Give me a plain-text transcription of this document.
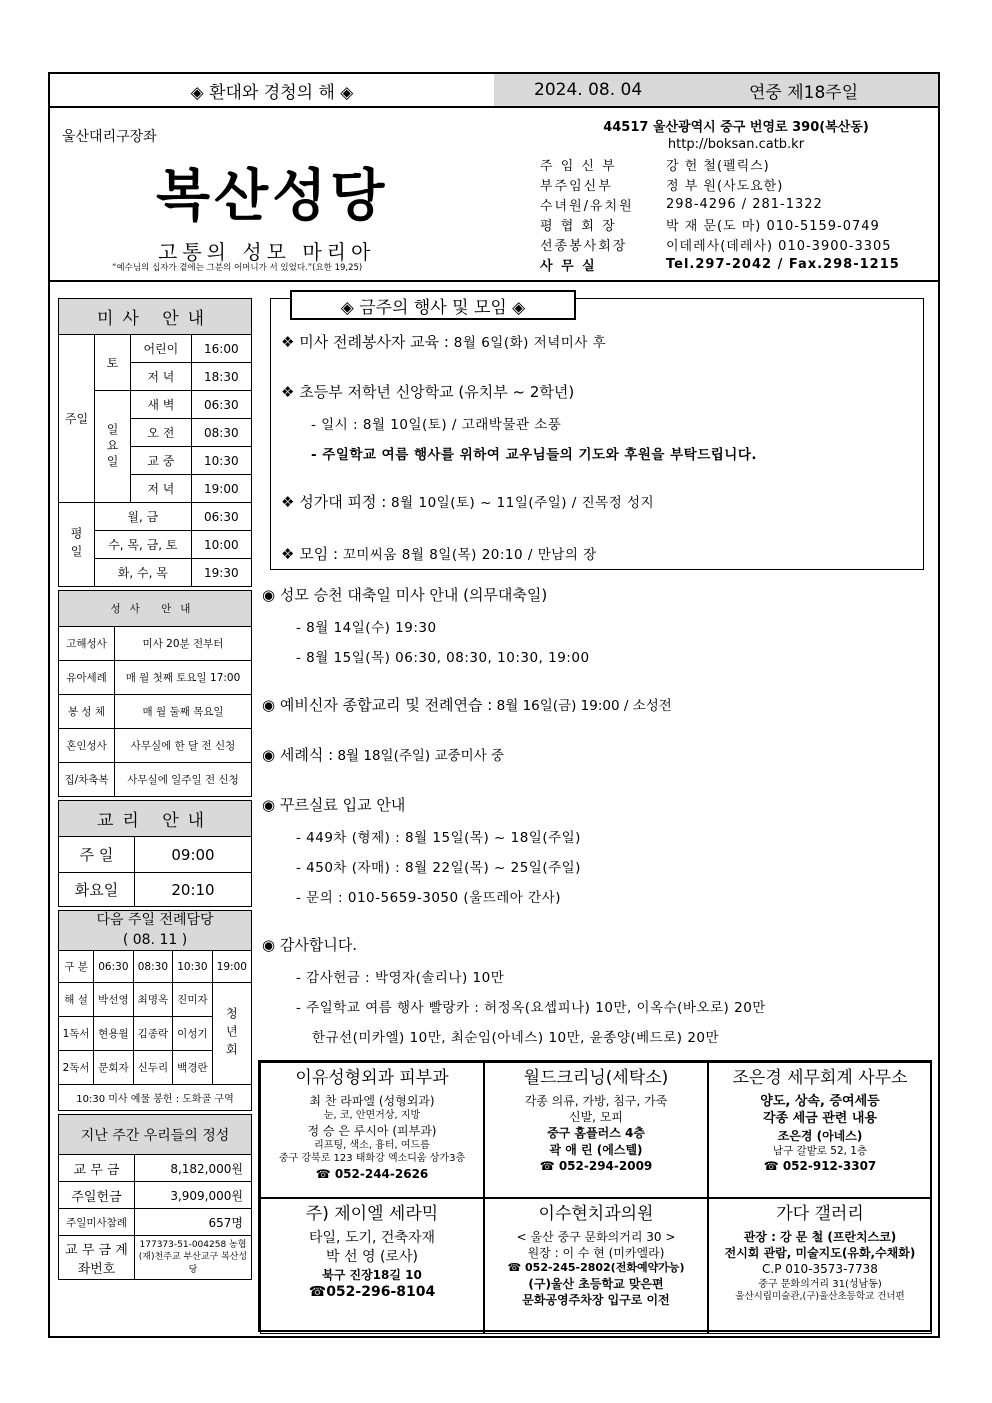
◈ 환대와 경청의 해 ◈	2024. 08. 04	연중 제18주일
울산대리구장좌
복산성당
고통의 성모 마리아
“예수님의 십자가 곁에는 그분의 어머니가 서 있었다.”(요한 19,25)
44517 울산광역시 중구 번영로 390(복산동)
http://boksan.catb.kr
주 임 신 부	강 헌 철(펠릭스)
부주임신부	정 부 원(사도요한)
수녀원/유치원	298-4296 / 281-1322
평 협 회 장	박 재 문(도 마) 010-5159-0749
선종봉사회장	이데레사(데레사) 010-3900-3305
사 무 실	Tel.297-2042 / Fax.298-1215
미사 안내			
주일	토	어린이	16:00
		저 녁	18:30
	일요일	새 벽	06:30
		오 전	08:30
		교 중	10:30
		저 녁	19:00
평일	월, 금		06:30
	수, 목, 금, 토		10:00
	화, 수, 목		19:30
성사 안내	
고해성사	미사 20분 전부터
유아세례	매 월 첫째 토요일 17:00
봉 성 체	매 월 둘째 목요일
혼인성사	사무실에 한 달 전 신청
집/차축복	사무실에 일주일 전 신청
교리 안내	
주 일	09:00
화요일	20:10
다음 주일 전례담당
( 08. 11 )				

구 분	06:30	08:30	10:30	19:00
해 설	박선영	최명옥	진미자	청년회
1독서	현용월	김종락	이성기	
2독서	문회자	신두리	백경란	
10:30 미사 예물 봉헌 : 도화골 구역				
지난 주간 우리들의 정성	
교 무 금	8,182,000원
주일헌금	3,909,000원
주일미사참례	657명
교 무 금 계좌번호	177373-51-004258 농협 (재)천주교 부산교구 복산성당
◈ 금주의 행사 및 모임 ◈
❖ 미사 전례봉사자 교육 : 8월 6일(화) 저녁미사 후
❖ 초등부 저학년 신앙학교 (유치부 ~ 2학년)
- 일시 : 8월 10일(토) / 고래박물관 소풍
- 주일학교 여름 행사를 위하여 교우님들의 기도와 후원을 부탁드립니다.
❖ 성가대 피정 : 8월 10일(토) ~ 11일(주일) / 진목정 성지
❖ 모임 : 꼬미씨움 8월 8일(목) 20:10 / 만남의 장
◉ 성모 승천 대축일 미사 안내 (의무대축일)
- 8월 14일(수) 19:30
- 8월 15일(목) 06:30, 08:30, 10:30, 19:00
◉ 예비신자 종합교리 및 전례연습 : 8월 16일(금) 19:00 / 소성전
◉ 세례식 : 8월 18일(주일) 교중미사 중
◉ 꾸르실료 입교 안내
- 449차 (형제) : 8월 15일(목) ~ 18일(주일)
- 450차 (자매) : 8월 22일(목) ~ 25일(주일)
- 문의 : 010-5659-3050 (울뜨레아 간사)
◉ 감사합니다.
- 감사헌금 : 박영자(솔리나) 10만
- 주일학교 여름 행사 빨랑카 : 허정옥(요셉피나) 10만, 이옥수(바오로) 20만
한규선(미카엘) 10만, 최순임(아네스) 10만, 윤종양(베드로) 20만
이유성형외과 피부과
최 찬 라파엘 (성형외과)
눈, 코, 안면거상, 지방
정 승 은 루시아 (피부과)
리프팅, 색소, 흉터, 여드름
중구 강북로 123 태화강 엑소디움 상가3층
☎ 052-244-2626
월드크리닝(세탁소)
각종 의류, 가방, 침구, 가죽
신발, 모피
중구 홈플러스 4층
곽 애 린 (에스텔)
☎ 052-294-2009
조은경 세무회계 사무소
양도, 상속, 증여세등
각종 세금 관련 내용
조은경 (아네스)
남구 갈밭로 52, 1층
☎ 052-912-3307
주) 제이엘 세라믹
타일, 도기, 건축자재
박 선 영 (로사)
북구 진장18길 10
☎052-296-8104
이수현치과의원
< 울산 중구 문화의거리 30 >
원장 : 이 수 현 (미카엘라)
☎ 052-245-2802(전화예약가능)
(구)울산 초등학교 맞은편
문화공영주차장 입구로 이전
가다 갤러리
관장 : 강 문 철 (프란치스코)
전시회 관람, 미술지도(유화,수채화)
C.P 010-3573-7738
중구 문화의거리 31(성남동)
울산시립미술관,(구)울산초등학교 건너편
